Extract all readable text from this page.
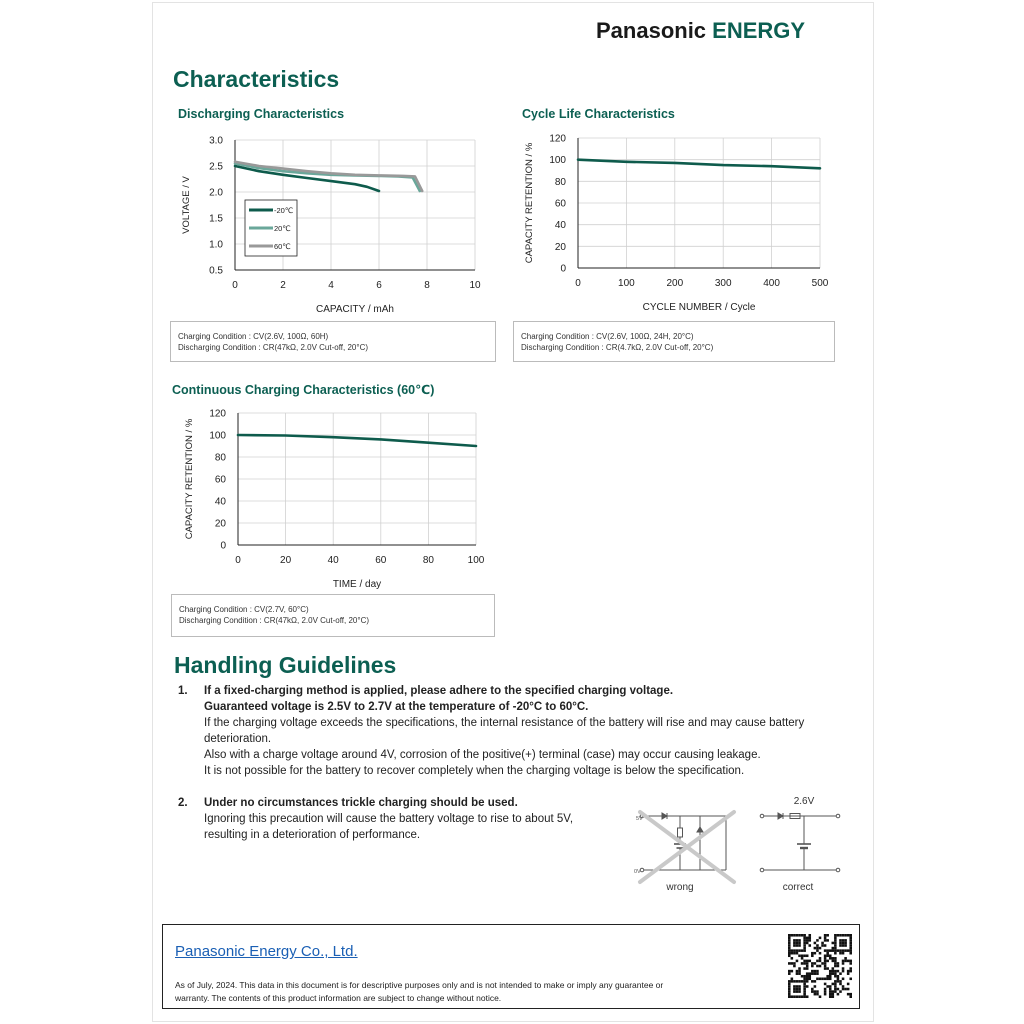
Panasonic ENERGY
Characteristics
Discharging Characteristics
0	2	4	6	8	10
0.5
1.0
1.5
2.0
2.5
3.0
CAPACITY / mAh
VOLTAGE / V	-20℃
20℃
60℃
Charging Condition : CV(2.6V, 100Ω, 60H)
Discharging Condition : CR(47kΩ, 2.0V Cut-off, 20°C)
Cycle Life Characteristics
0	100	200	300	400	500
0
20
40
60
80
100
120
CYCLE NUMBER / Cycle
CAPACITY RETENTION / %
Charging Condition : CV(2.6V, 100Ω, 24H, 20°C)
Discharging Condition : CR(4.7kΩ, 2.0V Cut-off, 20°C)
Continuous Charging Characteristics (60℃)
0	20	40	60	80	100
0
20
40
60
80
100
120
TIME / day
CAPACITY RETENTION / %
Charging Condition : CV(2.7V, 60°C)
Discharging Condition : CR(47kΩ, 2.0V Cut-off, 20°C)
Handling Guidelines
1. If a fixed-charging method is applied, please adhere to the specified charging voltage.
Guaranteed voltage is 2.5V to 2.7V at the temperature of -20°C to 60°C.
If the charging voltage exceeds the specifications, the internal resistance of the battery will rise and may cause battery
deterioration.
Also with a charge voltage around 4V, corrosion of the positive(+) terminal (case) may occur causing leakage.
It is not possible for the battery to recover completely when the charging voltage is below the specification.
2. Under no circumstances trickle charging should be used.
Ignoring this precaution will cause the battery voltage to rise to about 5V,
resulting in a deterioration of performance.
5V
0V
wrong
2.6V
correct
Panasonic Energy Co., Ltd.
As of July, 2024. This data in this document is for descriptive purposes only and is not intended to make or imply any guarantee or
warranty. The contents of this product information are subject to change without notice.
